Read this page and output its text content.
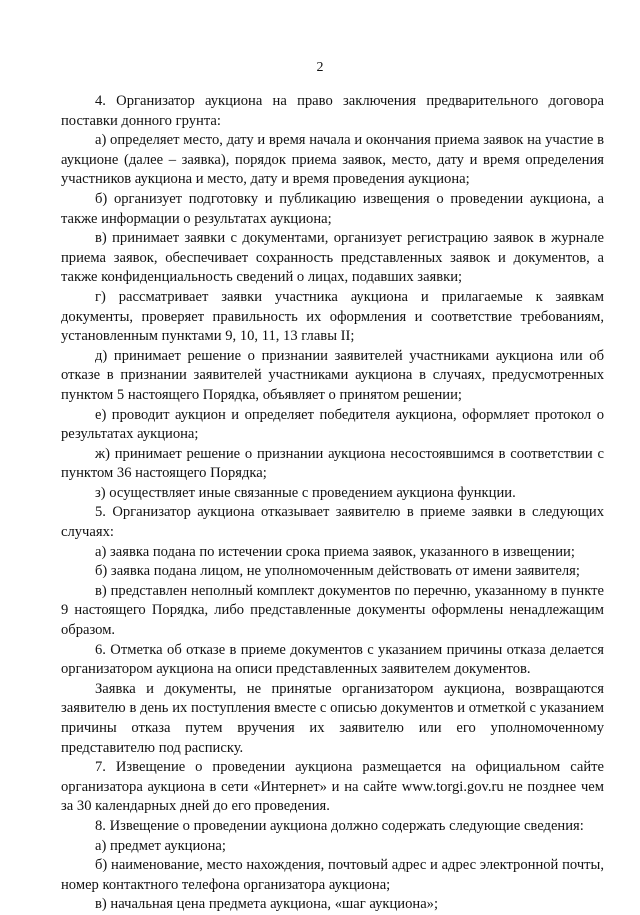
2

4. Организатор аукциона на право заключения предварительного договора поставки донного грунта:

а) определяет место, дату и время начала и окончания приема заявок на участие в аукционе (далее – заявка), порядок приема заявок, место, дату и время определения участников аукциона и место, дату и время проведения аукциона;

б) организует подготовку и публикацию извещения о проведении аукциона, а также информации о результатах аукциона;

в) принимает заявки с документами, организует регистрацию заявок в журнале приема заявок, обеспечивает сохранность представленных заявок и документов, а также конфиденциальность сведений о лицах, подавших заявки;

г) рассматривает заявки участника аукциона и прилагаемые к заявкам документы, проверяет правильность их оформления и соответствие требованиям, установленным пунктами 9, 10, 11, 13 главы II;

д) принимает решение о признании заявителей участниками аукциона или об отказе в признании заявителей участниками аукциона в случаях, предусмотренных пунктом 5 настоящего Порядка, объявляет о принятом решении;

е) проводит аукцион и определяет победителя аукциона, оформляет протокол о результатах аукциона;

ж) принимает решение о признании аукциона несостоявшимся в соответствии с пунктом 36 настоящего Порядка;

з) осуществляет иные связанные с проведением аукциона функции.

5. Организатор аукциона отказывает заявителю в приеме заявки в следующих случаях:

а) заявка подана по истечении срока приема заявок, указанного в извещении;

б) заявка подана лицом, не уполномоченным действовать от имени заявителя;

в) представлен неполный комплект документов по перечню, указанному в пункте 9 настоящего Порядка, либо представленные документы оформлены ненадлежащим образом.

6. Отметка об отказе в приеме документов с указанием причины отказа делается организатором аукциона на описи представленных заявителем документов.

Заявка и документы, не принятые организатором аукциона, возвращаются заявителю в день их поступления вместе с описью документов и отметкой с указанием причины отказа путем вручения их заявителю или его уполномоченному представителю под расписку.

7. Извещение о проведении аукциона размещается на официальном сайте организатора аукциона в сети «Интернет» и на сайте www.torgi.gov.ru не позднее чем за 30 календарных дней до его проведения.

8. Извещение о проведении аукциона должно содержать следующие сведения:

а) предмет аукциона;

б) наименование, место нахождения, почтовый адрес и адрес электронной почты, номер контактного телефона организатора аукциона;

в) начальная цена предмета аукциона, «шаг аукциона»;
